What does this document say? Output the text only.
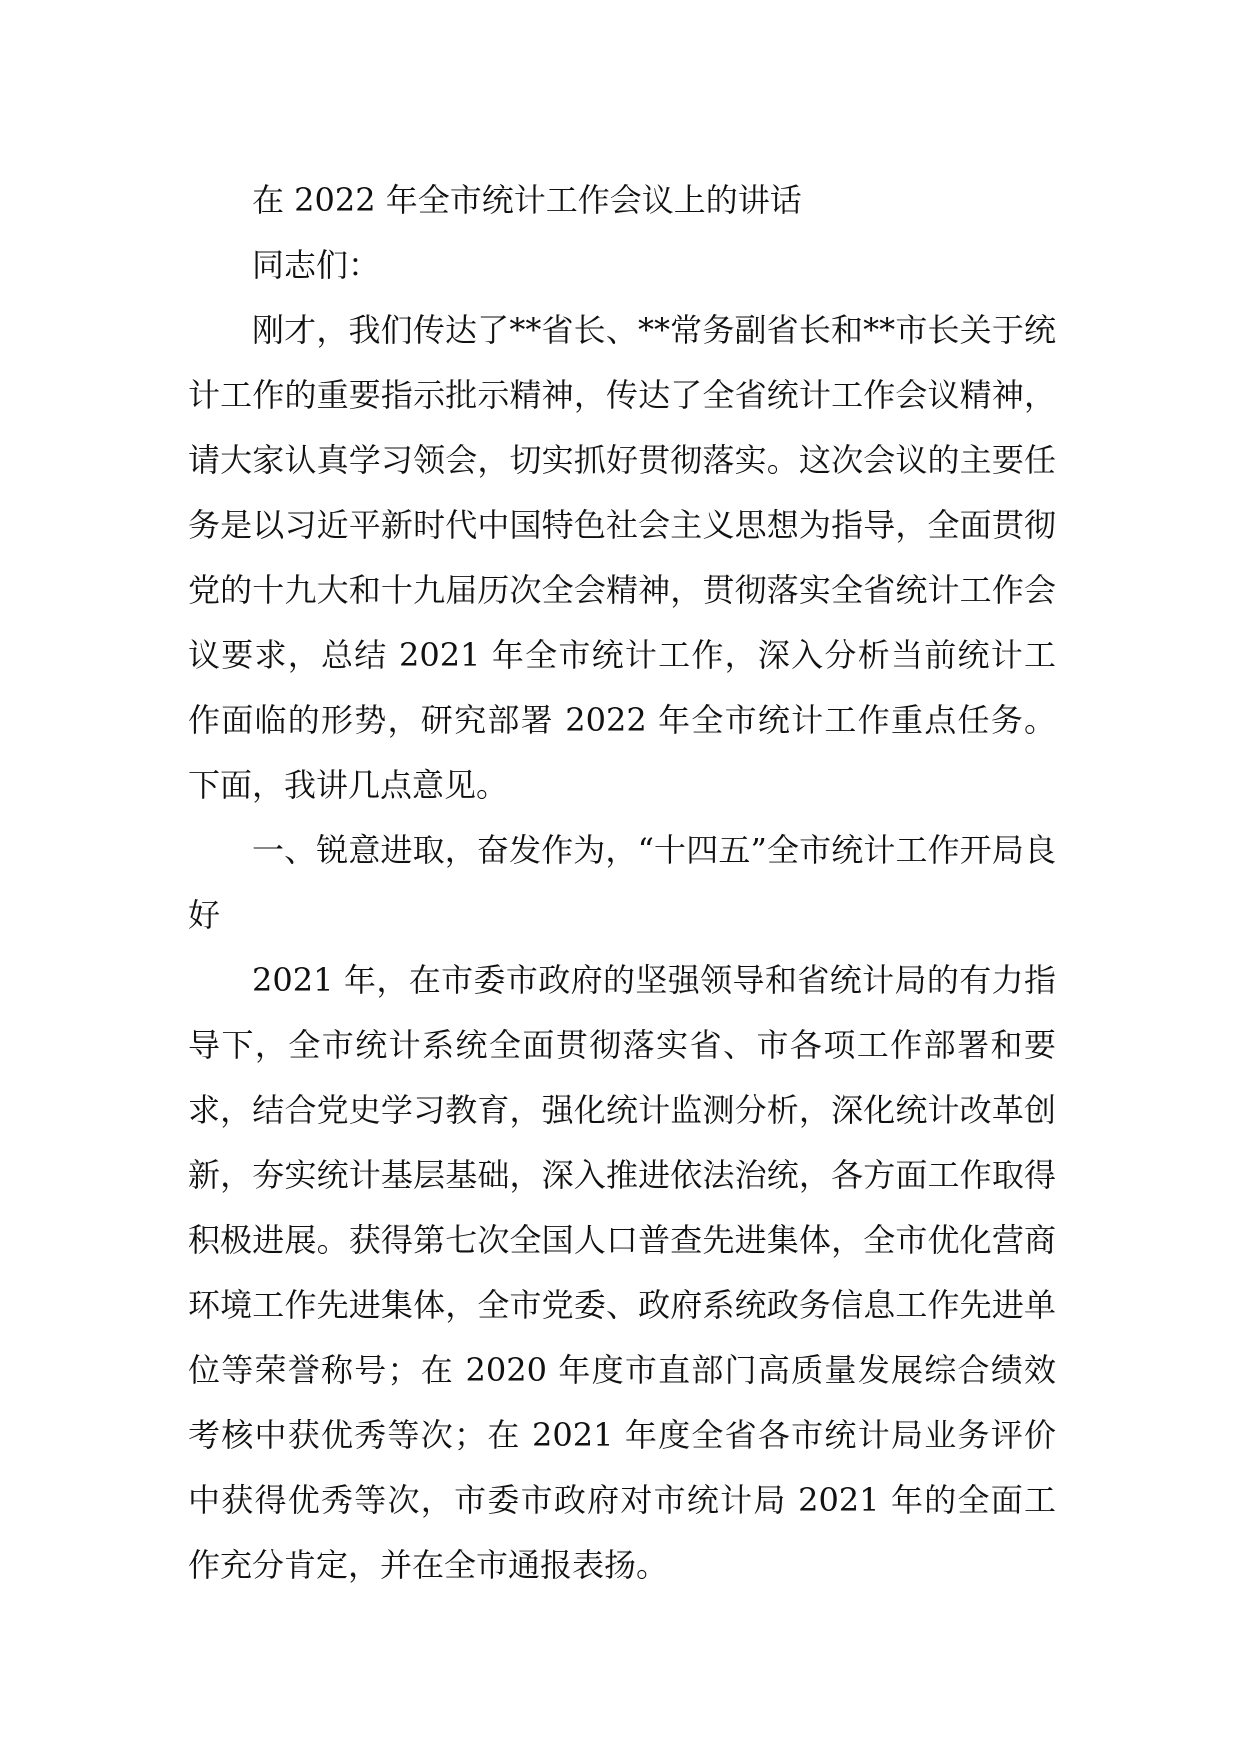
在 2022 年全市统计工作会议上的讲话

同志们：

刚才，我们传达了**省长、**常务副省长和**市长关于统计工作的重要指示批示精神，传达了全省统计工作会议精神，请大家认真学习领会，切实抓好贯彻落实。这次会议的主要任务是以习近平新时代中国特色社会主义思想为指导，全面贯彻党的十九大和十九届历次全会精神，贯彻落实全省统计工作会议要求，总结 2021 年全市统计工作，深入分析当前统计工作面临的形势，研究部署 2022 年全市统计工作重点任务。下面，我讲几点意见。

一、锐意进取，奋发作为，“十四五”全市统计工作开局良好

2021 年，在市委市政府的坚强领导和省统计局的有力指导下，全市统计系统全面贯彻落实省、市各项工作部署和要求，结合党史学习教育，强化统计监测分析，深化统计改革创新，夯实统计基层基础，深入推进依法治统，各方面工作取得积极进展。获得第七次全国人口普查先进集体，全市优化营商环境工作先进集体，全市党委、政府系统政务信息工作先进单位等荣誉称号；在 2020 年度市直部门高质量发展综合绩效考核中获优秀等次；在 2021 年度全省各市统计局业务评价中获得优秀等次，市委市政府对市统计局 2021 年的全面工作充分肯定，并在全市通报表扬。
